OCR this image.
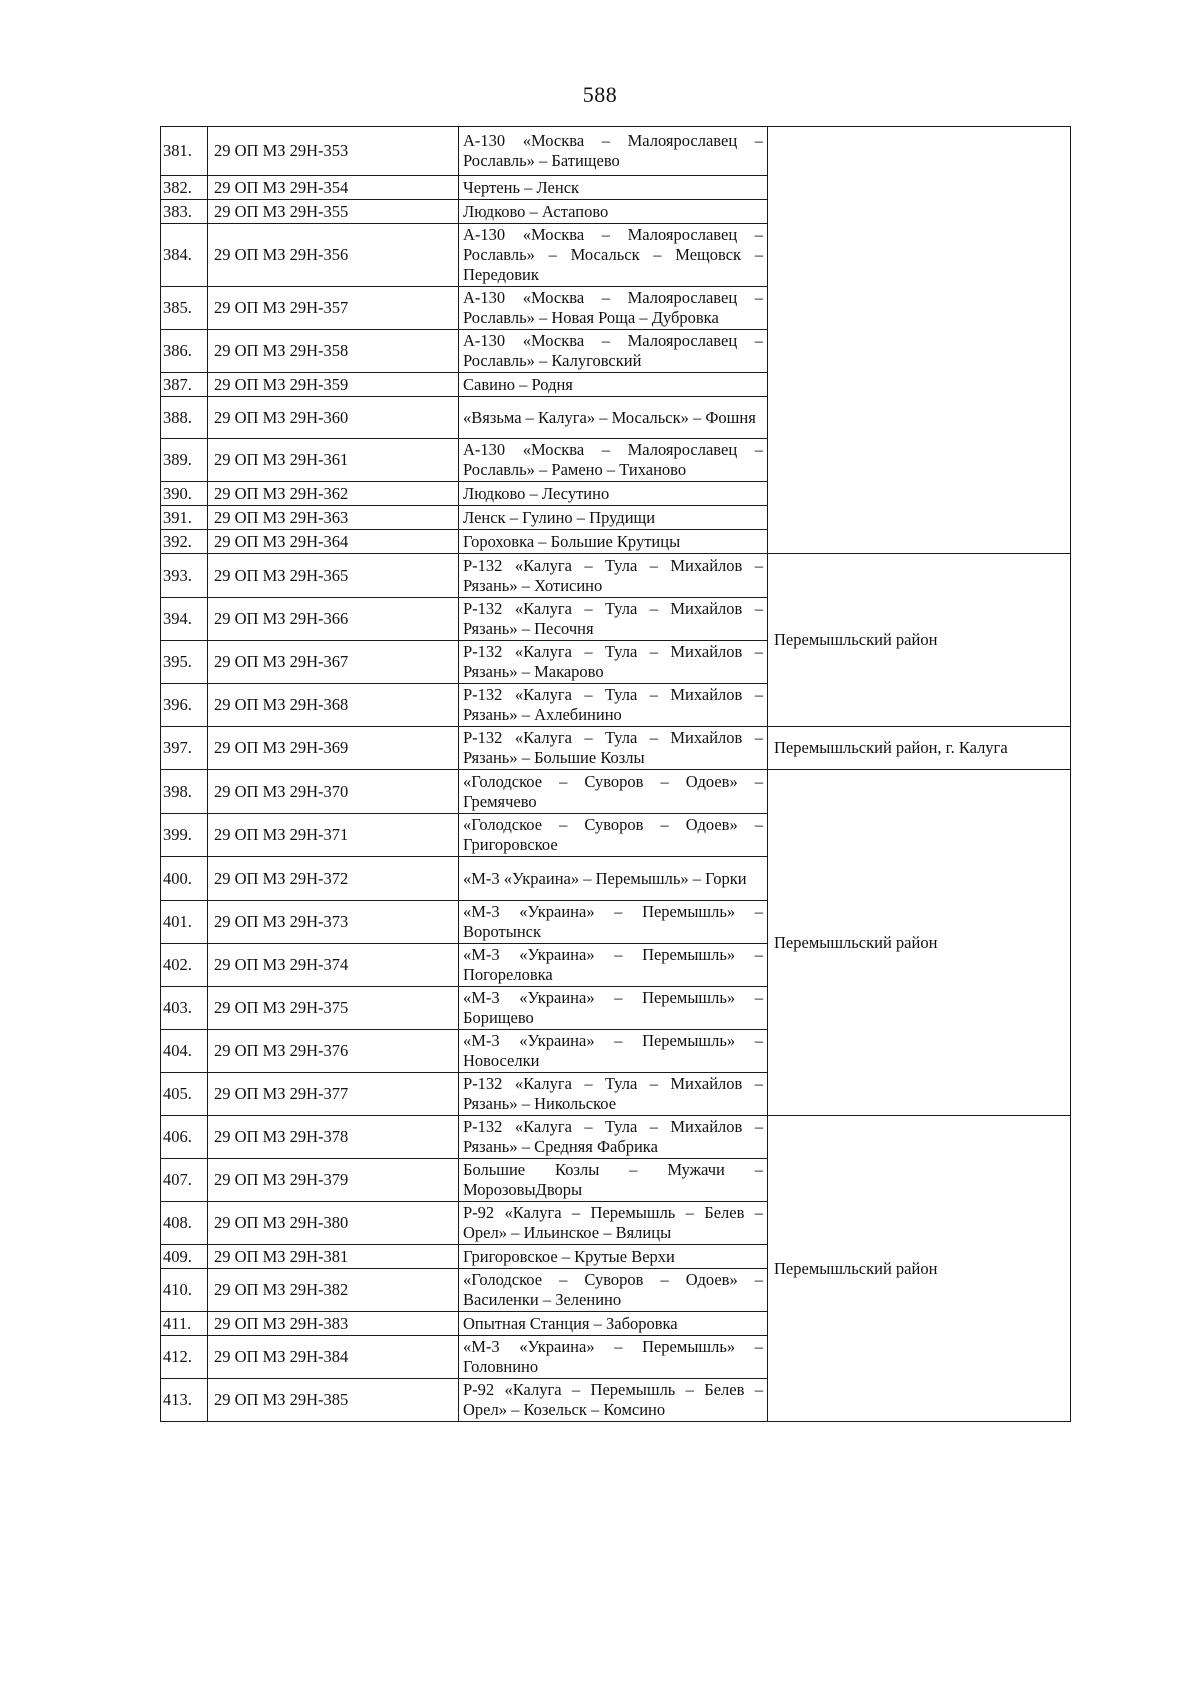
588
381.	29 ОП МЗ 29Н-353	А-130 «Москва – Малоярославец – Рославль» – Батищево	
382.	29 ОП МЗ 29Н-354	Чертень – Ленск	
383.	29 ОП МЗ 29Н-355	Людково – Астапово	
384.	29 ОП МЗ 29Н-356	А-130 «Москва – Малоярославец – Рославль» – Мосальск – Мещовск – Передовик	
385.	29 ОП МЗ 29Н-357	А-130 «Москва – Малоярославец – Рославль» – Новая Роща – Дубровка	
386.	29 ОП МЗ 29Н-358	А-130 «Москва – Малоярославец – Рославль» – Калуговский	
387.	29 ОП МЗ 29Н-359	Савино – Родня	
388.	29 ОП МЗ 29Н-360	«Вязьма – Калуга» – Мосальск» – Фошня	
389.	29 ОП МЗ 29Н-361	А-130 «Москва – Малоярославец – Рославль» – Рамено – Тиханово	
390.	29 ОП МЗ 29Н-362	Людково – Лесутино	
391.	29 ОП МЗ 29Н-363	Ленск – Гулино – Прудищи	
392.	29 ОП МЗ 29Н-364	Гороховка – Большие Крутицы	
393.	29 ОП МЗ 29Н-365	Р-132 «Калуга – Тула – Михайлов – Рязань» – Хотисино	Перемышльский район
394.	29 ОП МЗ 29Н-366	Р-132 «Калуга – Тула – Михайлов – Рязань» – Песочня	
395.	29 ОП МЗ 29Н-367	Р-132 «Калуга – Тула – Михайлов – Рязань» – Макарово	
396.	29 ОП МЗ 29Н-368	Р-132 «Калуга – Тула – Михайлов – Рязань» – Ахлебинино	
397.	29 ОП МЗ 29Н-369	Р-132 «Калуга – Тула – Михайлов – Рязань» – Большие Козлы	Перемышльский район, г. Калуга
398.	29 ОП МЗ 29Н-370	«Голодское – Суворов – Одоев» – Гремячево	Перемышльский район
399.	29 ОП МЗ 29Н-371	«Голодское – Суворов – Одоев» – Григоровское	
400.	29 ОП МЗ 29Н-372	«М-3 «Украина» – Перемышль» – Горки	
401.	29 ОП МЗ 29Н-373	«М-3 «Украина» – Перемышль» – Воротынск	
402.	29 ОП МЗ 29Н-374	«М-3 «Украина» – Перемышль» – Погореловка	
403.	29 ОП МЗ 29Н-375	«М-3 «Украина» – Перемышль» – Борищево	
404.	29 ОП МЗ 29Н-376	«М-3 «Украина» – Перемышль» – Новоселки	
405.	29 ОП МЗ 29Н-377	Р-132 «Калуга – Тула – Михайлов – Рязань» – Никольское	
406.	29 ОП МЗ 29Н-378	Р-132 «Калуга – Тула – Михайлов – Рязань» – Средняя Фабрика	Перемышльский район
407.	29 ОП МЗ 29Н-379	Большие Козлы – Мужачи – МорозовыДворы	
408.	29 ОП МЗ 29Н-380	Р-92 «Калуга – Перемышль – Белев – Орел» – Ильинское – Вялицы	
409.	29 ОП МЗ 29Н-381	Григоровское – Крутые Верхи	
410.	29 ОП МЗ 29Н-382	«Голодское – Суворов – Одоев» – Василенки – Зеленино	
411.	29 ОП МЗ 29Н-383	Опытная Станция – Заборовка	
412.	29 ОП МЗ 29Н-384	«М-3 «Украина» – Перемышль» – Головнино	
413.	29 ОП МЗ 29Н-385	Р-92 «Калуга – Перемышль – Белев – Орел» – Козельск – Комсино	
